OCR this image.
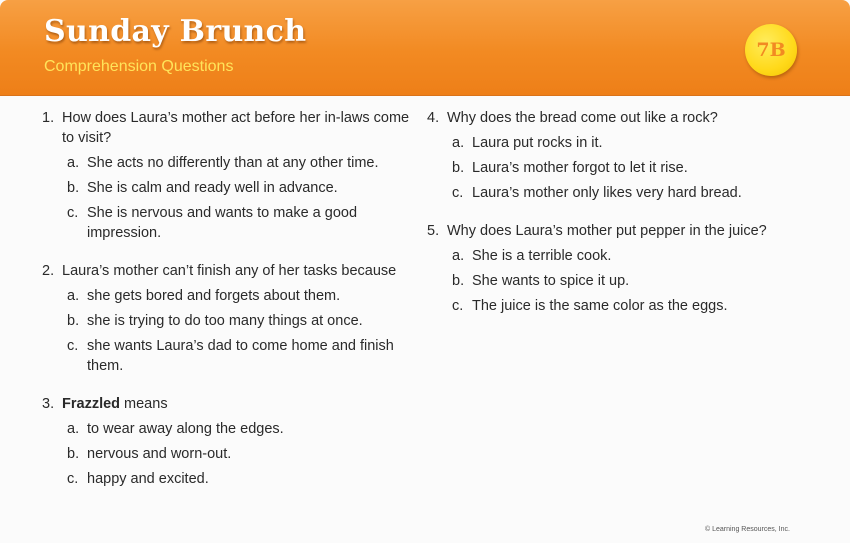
Sunday Brunch
Comprehension Questions
7B
1. How does Laura’s mother act before her in-laws come to visit?
a. She acts no differently than at any other time.
b. She is calm and ready well in advance.
c. She is nervous and wants to make a good impression.
2. Laura’s mother can’t finish any of her tasks because
a. she gets bored and forgets about them.
b. she is trying to do too many things at once.
c. she wants Laura’s dad to come home and finish them.
3. Frazzled means
a. to wear away along the edges.
b. nervous and worn-out.
c. happy and excited.
4. Why does the bread come out like a rock?
a. Laura put rocks in it.
b. Laura’s mother forgot to let it rise.
c. Laura’s mother only likes very hard bread.
5. Why does Laura’s mother put pepper in the juice?
a. She is a terrible cook.
b. She wants to spice it up.
c. The juice is the same color as the eggs.
© Learning Resources, Inc.
